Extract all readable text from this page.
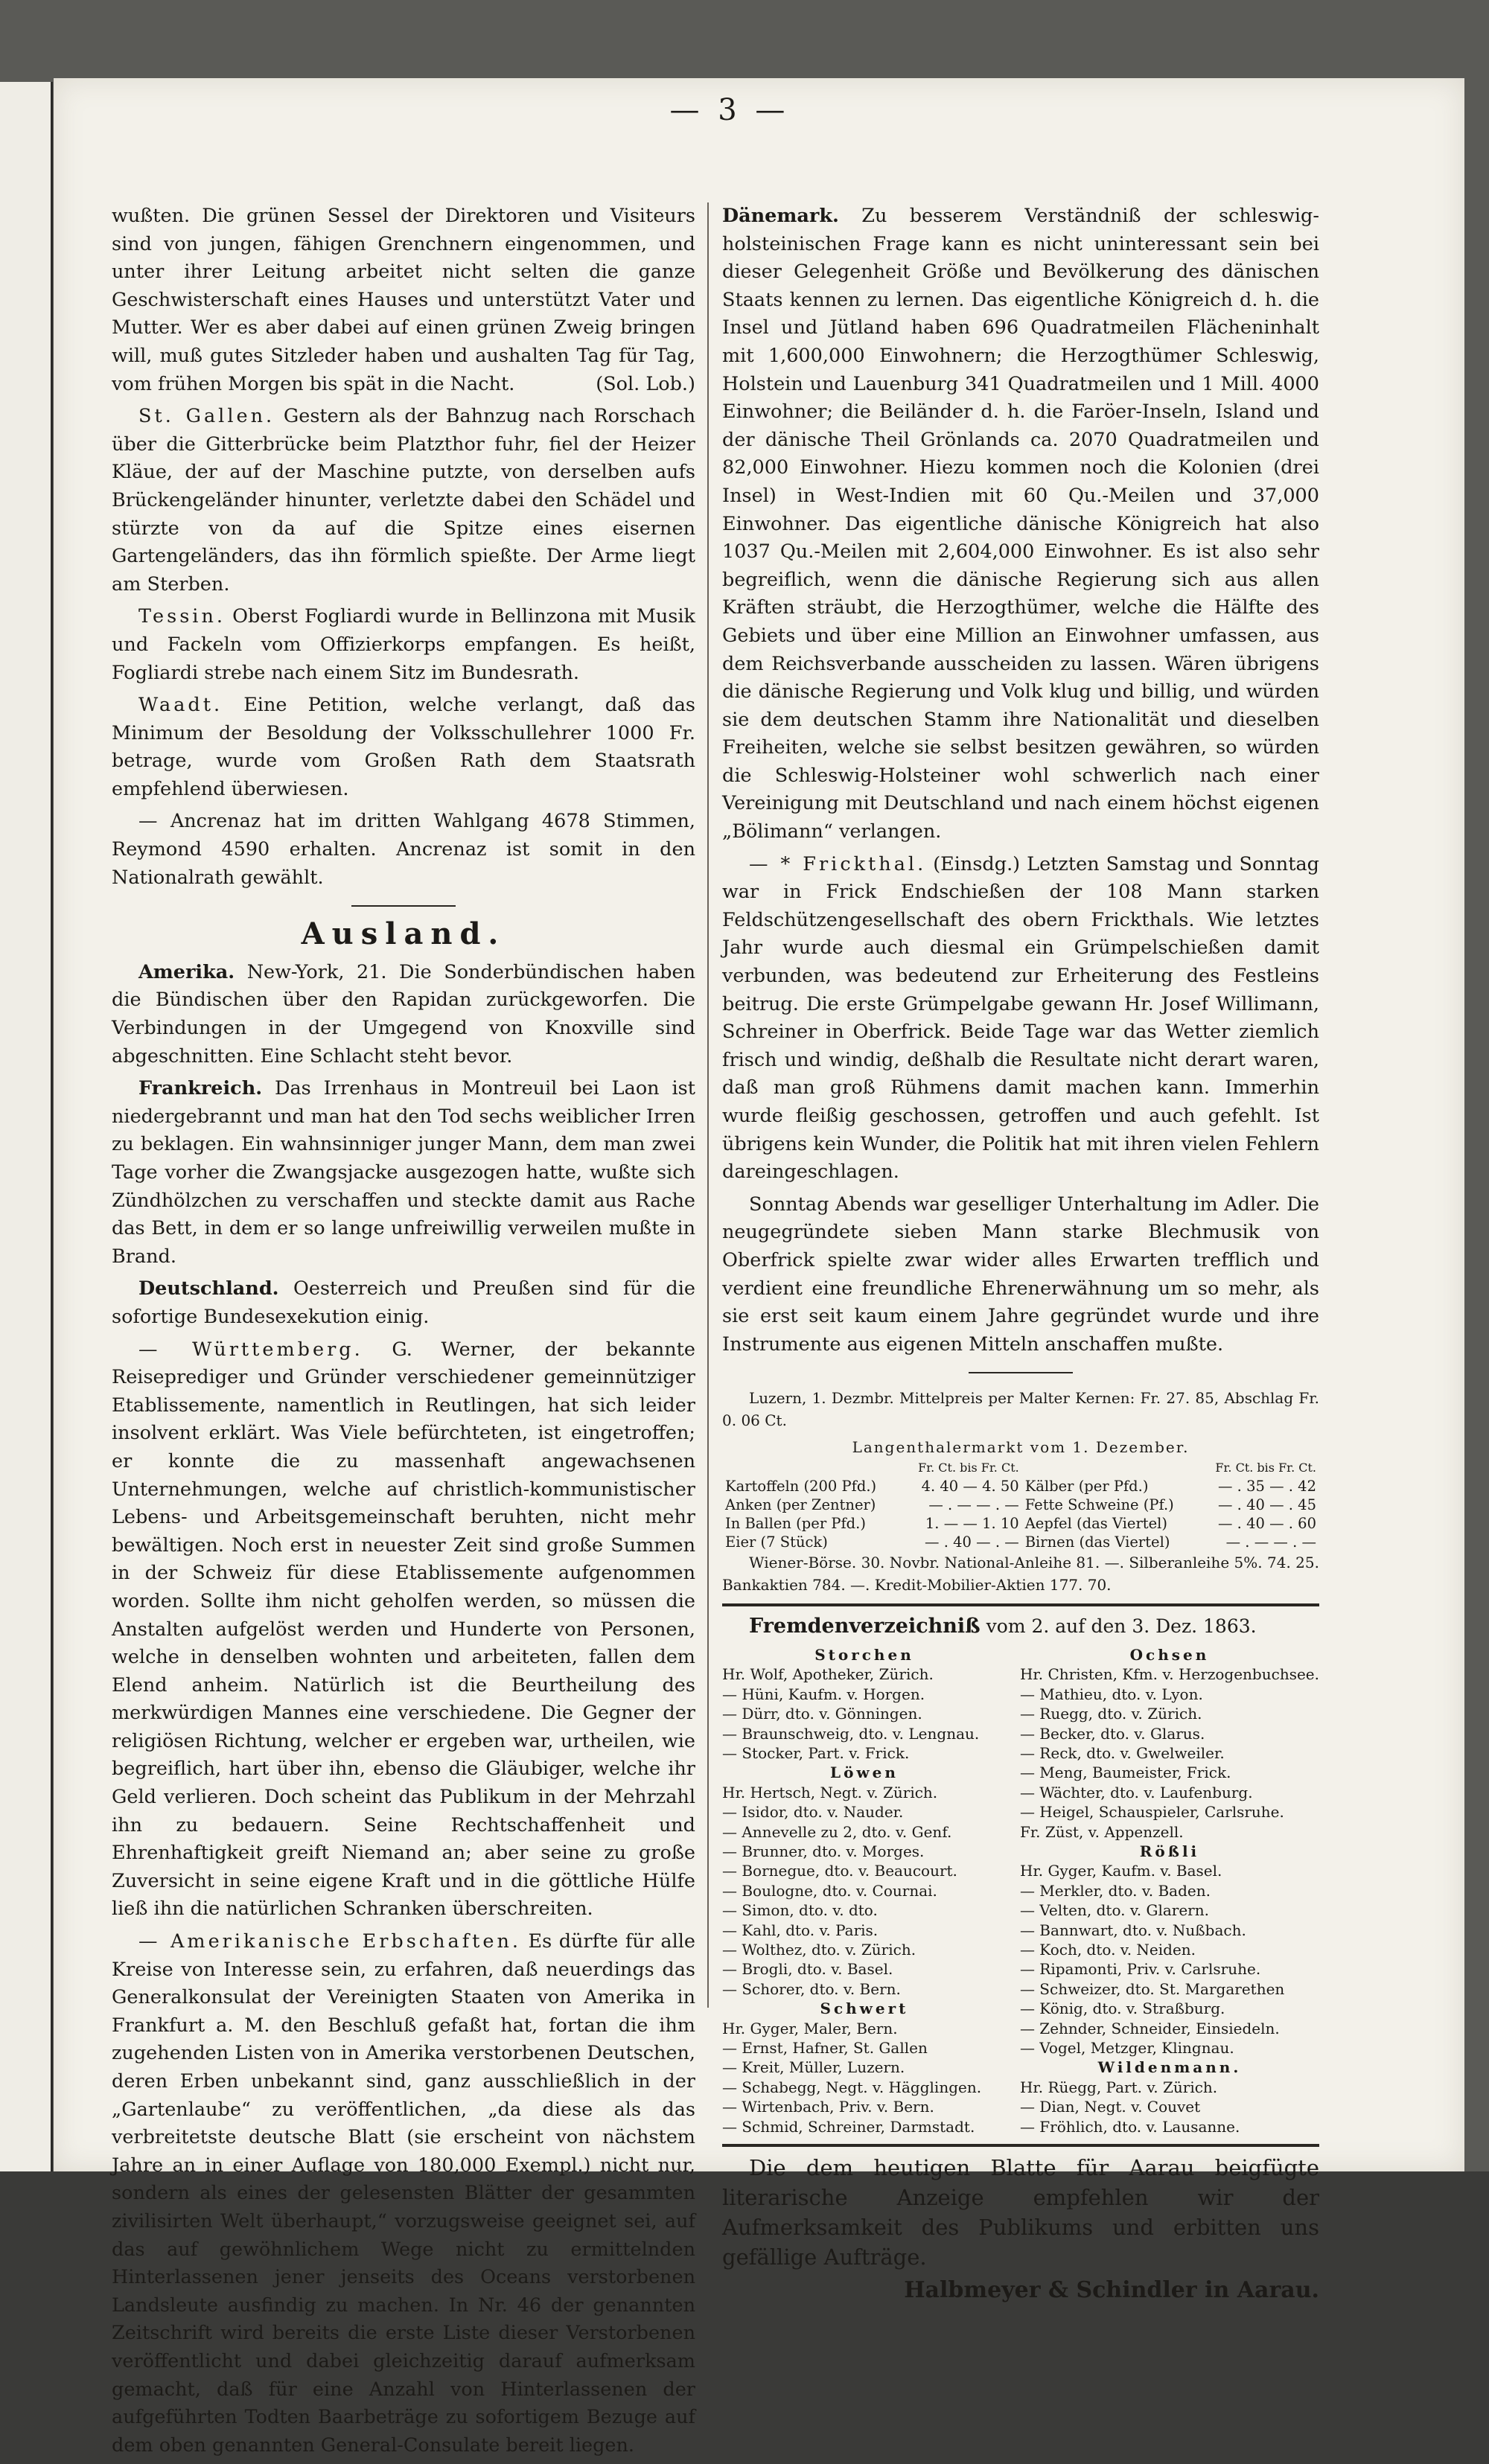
— 3 —

wußten. Die grünen Sessel der Direktoren und Visiteurs sind von jungen, fähigen Grenchnern eingenommen, und unter ihrer Leitung arbeitet nicht selten die ganze Geschwisterschaft eines Hauses und unterstützt Vater und Mutter. Wer es aber dabei auf einen grünen Zweig bringen will, muß gutes Sitzleder haben und aushalten Tag für Tag, vom frühen Morgen bis spät in die Nacht.	(Sol. Lob.)

St. Gallen. Gestern als der Bahnzug nach Rorschach über die Gitterbrücke beim Platzthor fuhr, fiel der Heizer Kläue, der auf der Maschine putzte, von derselben aufs Brückengeländer hinunter, verletzte dabei den Schädel und stürzte von da auf die Spitze eines eisernen Gartengeländers, das ihn förmlich spießte. Der Arme liegt am Sterben.

Tessin. Oberst Fogliardi wurde in Bellinzona mit Musik und Fackeln vom Offizierkorps empfangen. Es heißt, Fogliardi strebe nach einem Sitz im Bundesrath.

Waadt. Eine Petition, welche verlangt, daß das Minimum der Besoldung der Volksschullehrer 1000 Fr. betrage, wurde vom Großen Rath dem Staatsrath empfehlend überwiesen.

— Ancrenaz hat im dritten Wahlgang 4678 Stimmen, Reymond 4590 erhalten. Ancrenaz ist somit in den Nationalrath gewählt.

Ausland.

Amerika. New-York, 21. Die Sonderbündischen haben die Bündischen über den Rapidan zurückgeworfen. Die Verbindungen in der Umgegend von Knoxville sind abgeschnitten. Eine Schlacht steht bevor.

Frankreich. Das Irrenhaus in Montreuil bei Laon ist niedergebrannt und man hat den Tod sechs weiblicher Irren zu beklagen. Ein wahnsinniger junger Mann, dem man zwei Tage vorher die Zwangsjacke ausgezogen hatte, wußte sich Zündhölzchen zu verschaffen und steckte damit aus Rache das Bett, in dem er so lange unfreiwillig verweilen mußte in Brand.

Deutschland. Oesterreich und Preußen sind für die sofortige Bundesexekution einig.

— Württemberg. G. Werner, der bekannte Reiseprediger und Gründer verschiedener gemeinnütziger Etablissemente, namentlich in Reutlingen, hat sich leider insolvent erklärt. Was Viele befürchteten, ist eingetroffen; er konnte die zu massenhaft angewachsenen Unternehmungen, welche auf christlich-kommunistischer Lebens- und Arbeitsgemeinschaft beruhten, nicht mehr bewältigen. Noch erst in neuester Zeit sind große Summen in der Schweiz für diese Etablissemente aufgenommen worden. Sollte ihm nicht geholfen werden, so müssen die Anstalten aufgelöst werden und Hunderte von Personen, welche in denselben wohnten und arbeiteten, fallen dem Elend anheim. Natürlich ist die Beurtheilung des merkwürdigen Mannes eine verschiedene. Die Gegner der religiösen Richtung, welcher er ergeben war, urtheilen, wie begreiflich, hart über ihn, ebenso die Gläubiger, welche ihr Geld verlieren. Doch scheint das Publikum in der Mehrzahl ihn zu bedauern. Seine Rechtschaffenheit und Ehrenhaftigkeit greift Niemand an; aber seine zu große Zuversicht in seine eigene Kraft und in die göttliche Hülfe ließ ihn die natürlichen Schranken überschreiten.

— Amerikanische Erbschaften. Es dürfte für alle Kreise von Interesse sein, zu erfahren, daß neuerdings das Generalkonsulat der Vereinigten Staaten von Amerika in Frankfurt a. M. den Beschluß gefaßt hat, fortan die ihm zugehenden Listen von in Amerika verstorbenen Deutschen, deren Erben unbekannt sind, ganz ausschließlich in der „Gartenlaube“ zu veröffentlichen, „da diese als das verbreitetste deutsche Blatt (sie erscheint von nächstem Jahre an in einer Auflage von 180,000 Exempl.) nicht nur, sondern als eines der gelesensten Blätter der gesammten zivilisirten Welt überhaupt,“ vorzugsweise geeignet sei, auf das auf gewöhnlichem Wege nicht zu ermittelnden Hinterlassenen jener jenseits des Oceans verstorbenen Landsleute ausfindig zu machen. In Nr. 46 der genannten Zeitschrift wird bereits die erste Liste dieser Verstorbenen veröffentlicht und dabei gleichzeitig darauf aufmerksam gemacht, daß für eine Anzahl von Hinterlassenen der aufgeführten Todten Baarbeträge zu sofortigem Bezuge auf dem oben genannten General-Consulate bereit liegen.

Dänemark. Zu besserem Verständniß der schleswig-holsteinischen Frage kann es nicht uninteressant sein bei dieser Gelegenheit Größe und Bevölkerung des dänischen Staats kennen zu lernen. Das eigentliche Königreich d. h. die Insel und Jütland haben 696 Quadratmeilen Flächeninhalt mit 1,600,000 Einwohnern; die Herzogthümer Schleswig, Holstein und Lauenburg 341 Quadratmeilen und 1 Mill. 4000 Einwohner; die Beiländer d. h. die Faröer-Inseln, Island und der dänische Theil Grönlands ca. 2070 Quadratmeilen und 82,000 Einwohner. Hiezu kommen noch die Kolonien (drei Insel) in West-Indien mit 60 Qu.-Meilen und 37,000 Einwohner. Das eigentliche dänische Königreich hat also 1037 Qu.-Meilen mit 2,604,000 Einwohner. Es ist also sehr begreiflich, wenn die dänische Regierung sich aus allen Kräften sträubt, die Herzogthümer, welche die Hälfte des Gebiets und über eine Million an Einwohner umfassen, aus dem Reichsverbande ausscheiden zu lassen. Wären übrigens die dänische Regierung und Volk klug und billig, und würden sie dem deutschen Stamm ihre Nationalität und dieselben Freiheiten, welche sie selbst besitzen gewähren, so würden die Schleswig-Holsteiner wohl schwerlich nach einer Vereinigung mit Deutschland und nach einem höchst eigenen „Bölimann“ verlangen.

— * Frickthal. (Einsdg.) Letzten Samstag und Sonntag war in Frick Endschießen der 108 Mann starken Feldschützengesellschaft des obern Frickthals. Wie letztes Jahr wurde auch diesmal ein Grümpelschießen damit verbunden, was bedeutend zur Erheiterung des Festleins beitrug. Die erste Grümpelgabe gewann Hr. Josef Willimann, Schreiner in Oberfrick. Beide Tage war das Wetter ziemlich frisch und windig, deßhalb die Resultate nicht derart waren, daß man groß Rühmens damit machen kann. Immerhin wurde fleißig geschossen, getroffen und auch gefehlt. Ist übrigens kein Wunder, die Politik hat mit ihren vielen Fehlern dareingeschlagen.

Sonntag Abends war geselliger Unterhaltung im Adler. Die neugegründete sieben Mann starke Blechmusik von Oberfrick spielte zwar wider alles Erwarten trefflich und verdient eine freundliche Ehrenerwähnung um so mehr, als sie erst seit kaum einem Jahre gegründet wurde und ihre Instrumente aus eigenen Mitteln anschaffen mußte.

Luzern, 1. Dezmbr. Mittelpreis per Malter Kernen: Fr. 27. 85, Abschlag Fr. 0. 06 Ct.

Langenthalermarkt vom 1. Dezember.
	Fr. Ct. bis Fr. Ct.		Fr. Ct. bis Fr. Ct.
Kartoffeln (200 Pfd.)	4. 40 — 4. 50	Kälber (per Pfd.)	— . 35 — . 42
Anken (per Zentner)	— . — — . —	Fette Schweine (Pf.)	— . 40 — . 45
In Ballen (per Pfd.)	1. — — 1. 10	Aepfel (das Viertel)	— . 40 — . 60
Eier (7 Stück)	— . 40 — . —	Birnen (das Viertel)	— . — — . —

Wiener-Börse. 30. Novbr. National-Anleihe 81. —. Silberanleihe 5%. 74. 25. Bankaktien 784. —. Kredit-Mobilier-Aktien 177. 70.

Fremdenverzeichniß vom 2. auf den 3. Dez. 1863.

Storchen
Hr. Wolf, Apotheker, Zürich.
— Hüni, Kaufm. v. Horgen.
— Dürr, dto. v. Gönningen.
— Braunschweig, dto. v. Lengnau.
— Stocker, Part. v. Frick.
Löwen
Hr. Hertsch, Negt. v. Zürich.
— Isidor, dto. v. Nauder.
— Annevelle zu 2, dto. v. Genf.
— Brunner, dto. v. Morges.
— Bornegue, dto. v. Beaucourt.
— Boulogne, dto. v. Cournai.
— Simon, dto. v. dto.
— Kahl, dto. v. Paris.
— Wolthez, dto. v. Zürich.
— Brogli, dto. v. Basel.
— Schorer, dto. v. Bern.
Schwert
Hr. Gyger, Maler, Bern.
— Ernst, Hafner, St. Gallen
— Kreit, Müller, Luzern.
— Schabegg, Negt. v. Hägglingen.
— Wirtenbach, Priv. v. Bern.
— Schmid, Schreiner, Darmstadt.
Ochsen
Hr. Christen, Kfm. v. Herzogenbuchsee.
— Mathieu, dto. v. Lyon.
— Ruegg, dto. v. Zürich.
— Becker, dto. v. Glarus.
— Reck, dto. v. Gwelweiler.
— Meng, Baumeister, Frick.
— Wächter, dto. v. Laufenburg.
— Heigel, Schauspieler, Carlsruhe.
Fr. Züst, v. Appenzell.
Rößli
Hr. Gyger, Kaufm. v. Basel.
— Merkler, dto. v. Baden.
— Velten, dto. v. Glarern.
— Bannwart, dto. v. Nußbach.
— Koch, dto. v. Neiden.
— Ripamonti, Priv. v. Carlsruhe.
— Schweizer, dto. St. Margarethen
— König, dto. v. Straßburg.
— Zehnder, Schneider, Einsiedeln.
— Vogel, Metzger, Klingnau.
Wildenmann.
Hr. Rüegg, Part. v. Zürich.
— Dian, Negt. v. Couvet
— Fröhlich, dto. v. Lausanne.

Die dem heutigen Blatte für Aarau beigfügte literarische Anzeige empfehlen wir der Aufmerksamkeit des Publikums und erbitten uns gefällige Aufträge.

Halbmeyer & Schindler in Aarau.
